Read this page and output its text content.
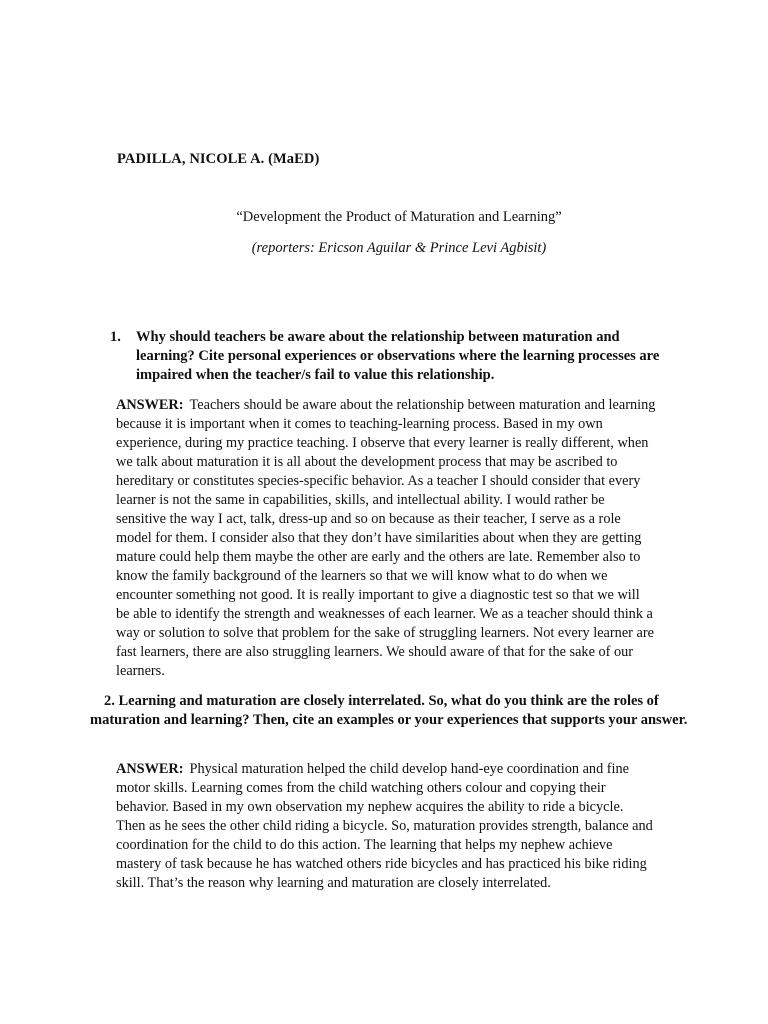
PADILLA, NICOLE A. (MaED)
“Development the Product of Maturation and Learning”
(reporters: Ericson Aguilar & Prince Levi Agbisit)
1.	Why should teachers be aware about the relationship between maturation and learning? Cite personal experiences or observations where the learning processes are impaired when the teacher/s fail to value this relationship.
ANSWER: Teachers should be aware about the relationship between maturation and learning because it is important when it comes to teaching-learning process. Based in my own experience, during my practice teaching. I observe that every learner is really different, when we talk about maturation it is all about the development process that may be ascribed to hereditary or constitutes species-specific behavior. As a teacher I should consider that every learner is not the same in capabilities, skills, and intellectual ability. I would rather be sensitive the way I act, talk, dress-up and so on because as their teacher, I serve as a role model for them. I consider also that they don’t have similarities about when they are getting mature could help them maybe the other are early and the others are late. Remember also to know the family background of the learners so that we will know what to do when we encounter something not good. It is really important to give a diagnostic test so that we will be able to identify the strength and weaknesses of each learner. We as a teacher should think a way or solution to solve that problem for the sake of struggling learners. Not every learner are fast learners, there are also struggling learners. We should aware of that for the sake of our learners.
2. Learning and maturation are closely interrelated. So, what do you think are the roles of maturation and learning? Then, cite an examples or your experiences that supports your answer.
ANSWER: Physical maturation helped the child develop hand-eye coordination and fine motor skills. Learning comes from the child watching others colour and copying their behavior. Based in my own observation my nephew acquires the ability to ride a bicycle. Then as he sees the other child riding a bicycle. So, maturation provides strength, balance and coordination for the child to do this action. The learning that helps my nephew achieve mastery of task because he has watched others ride bicycles and has practiced his bike riding skill. That’s the reason why learning and maturation are closely interrelated.
